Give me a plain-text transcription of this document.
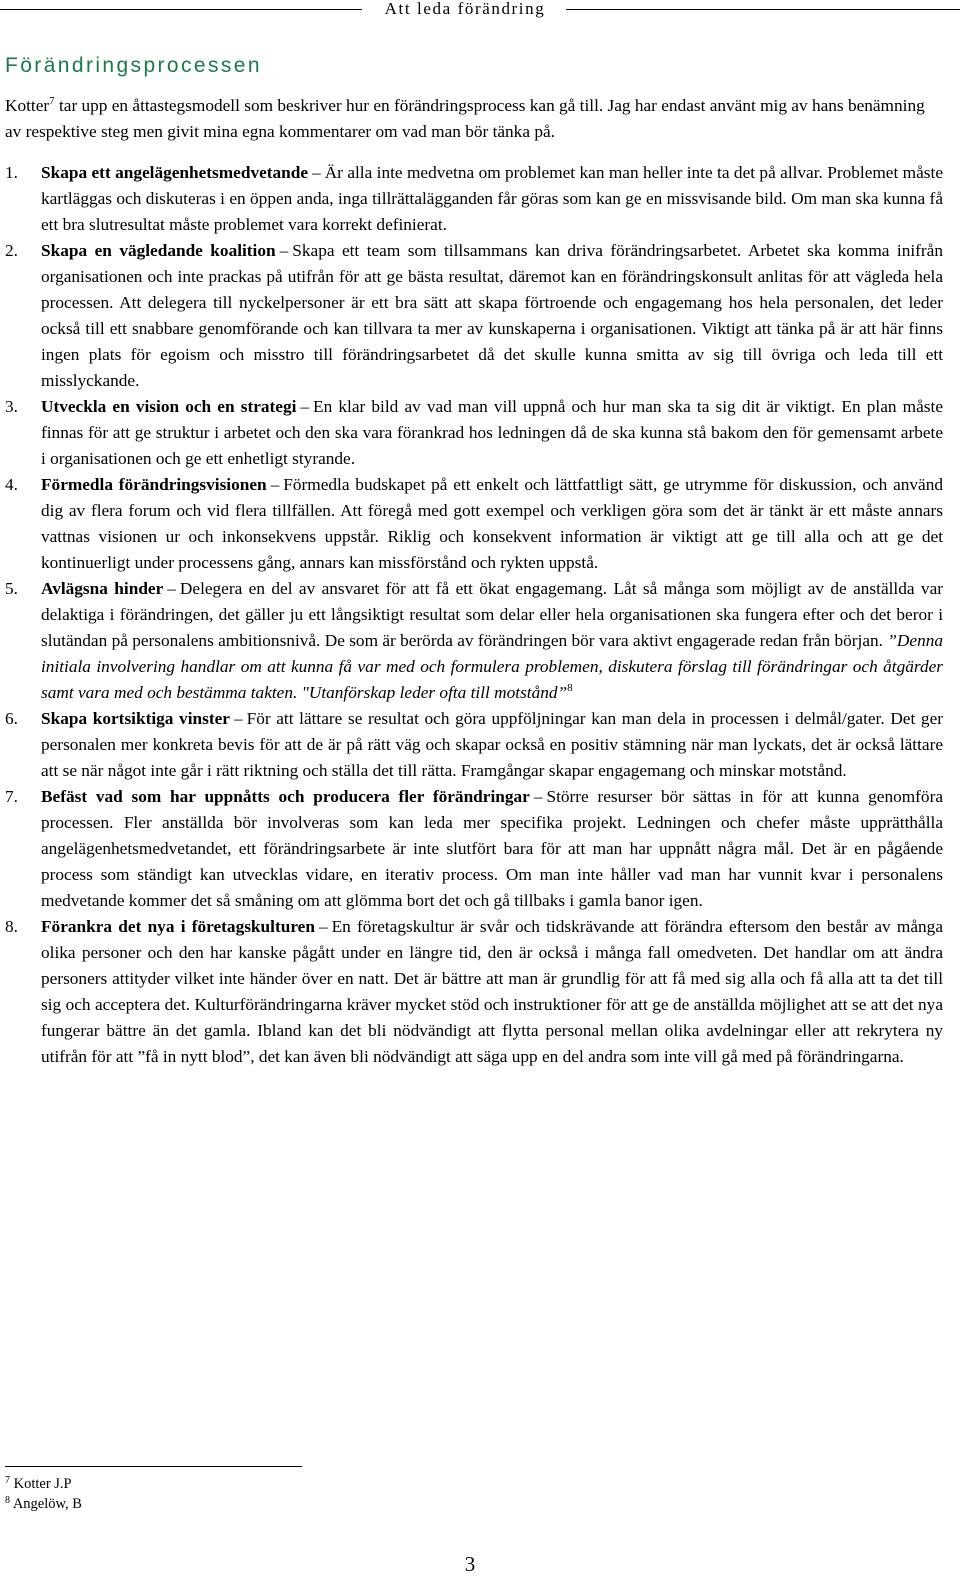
Att leda förändring
Förändringsprocessen

Kotter$^7$ tar upp en åttastegsmodell som beskriver hur en förändringsprocess kan gå till. Jag har endast använt mig av hans benämning av respektive steg men givit mina egna kommentarer om vad man bör tänka på.

1. Skapa ett angelägenhetsmedvetande – Är alla inte medvetna om problemet kan man heller inte ta det på allvar. Problemet måste kartläggas och diskuteras i en öppen anda, inga tillrättalägganden får göras som kan ge en missvisande bild. Om man ska kunna få ett bra slutresultat måste problemet vara korrekt definierat.
2. Skapa en vägledande koalition – Skapa ett team som tillsammans kan driva förändringsarbetet. Arbetet ska komma inifrån organisationen och inte prackas på utifrån för att ge bästa resultat, däremot kan en förändringskonsult anlitas för att vägleda hela processen. Att delegera till nyckelpersoner är ett bra sätt att skapa förtroende och engagemang hos hela personalen, det leder också till ett snabbare genomförande och kan tillvara ta mer av kunskaperna i organisationen. Viktigt att tänka på är att här finns ingen plats för egoism och misstro till förändringsarbetet då det skulle kunna smitta av sig till övriga och leda till ett misslyckande.
3. Utveckla en vision och en strategi – En klar bild av vad man vill uppnå och hur man ska ta sig dit är viktigt. En plan måste finnas för att ge struktur i arbetet och den ska vara förankrad hos ledningen då de ska kunna stå bakom den för gemensamt arbete i organisationen och ge ett enhetligt styrande.
4. Förmedla förändringsvisionen – Förmedla budskapet på ett enkelt och lättfattligt sätt, ge utrymme för diskussion, och använd dig av flera forum och vid flera tillfällen. Att föregå med gott exempel och verkligen göra som det är tänkt är ett måste annars vattnas visionen ur och inkonsekvens uppstår. Riklig och konsekvent information är viktigt att ge till alla och att ge det kontinuerligt under processens gång, annars kan missförstånd och rykten uppstå.
5. Avlägsna hinder – Delegera en del av ansvaret för att få ett ökat engagemang. Låt så många som möjligt av de anställda var delaktiga i förändringen, det gäller ju ett långsiktigt resultat som delar eller hela organisationen ska fungera efter och det beror i slutändan på personalens ambitionsnivå. De som är berörda av förändringen bör vara aktivt engagerade redan från början. ”Denna initiala involvering handlar om att kunna få var med och formulera problemen, diskutera förslag till förändringar och åtgärder samt vara med och bestämma takten. "Utanförskap leder ofta till motstånd”$^8$
6. Skapa kortsiktiga vinster – För att lättare se resultat och göra uppföljningar kan man dela in processen i delmål/gater. Det ger personalen mer konkreta bevis för att de är på rätt väg och skapar också en positiv stämning när man lyckats, det är också lättare att se när något inte går i rätt riktning och ställa det till rätta. Framgångar skapar engagemang och minskar motstånd.
7. Befäst vad som har uppnåtts och producera fler förändringar – Större resurser bör sättas in för att kunna genomföra processen. Fler anställda bör involveras som kan leda mer specifika projekt. Ledningen och chefer måste upprätthålla angelägenhetsmedvetandet, ett förändringsarbete är inte slutfört bara för att man har uppnått några mål. Det är en pågående process som ständigt kan utvecklas vidare, en iterativ process. Om man inte håller vad man har vunnit kvar i personalens medvetande kommer det så småning om att glömma bort det och gå tillbaks i gamla banor igen.
8. Förankra det nya i företagskulturen – En företagskultur är svår och tidskrävande att förändra eftersom den består av många olika personer och den har kanske pågått under en längre tid, den är också i många fall omedveten. Det handlar om att ändra personers attityder vilket inte händer över en natt. Det är bättre att man är grundlig för att få med sig alla och få alla att ta det till sig och acceptera det. Kulturförändringarna kräver mycket stöd och instruktioner för att ge de anställda möjlighet att se att det nya fungerar bättre än det gamla. Ibland kan det bli nödvändigt att flytta personal mellan olika avdelningar eller att rekrytera ny utifrån för att ”få in nytt blod”, det kan även bli nödvändigt att säga upp en del andra som inte vill gå med på förändringarna.

$^7$ Kotter J.P

$^8$ Angelöw, B

3
